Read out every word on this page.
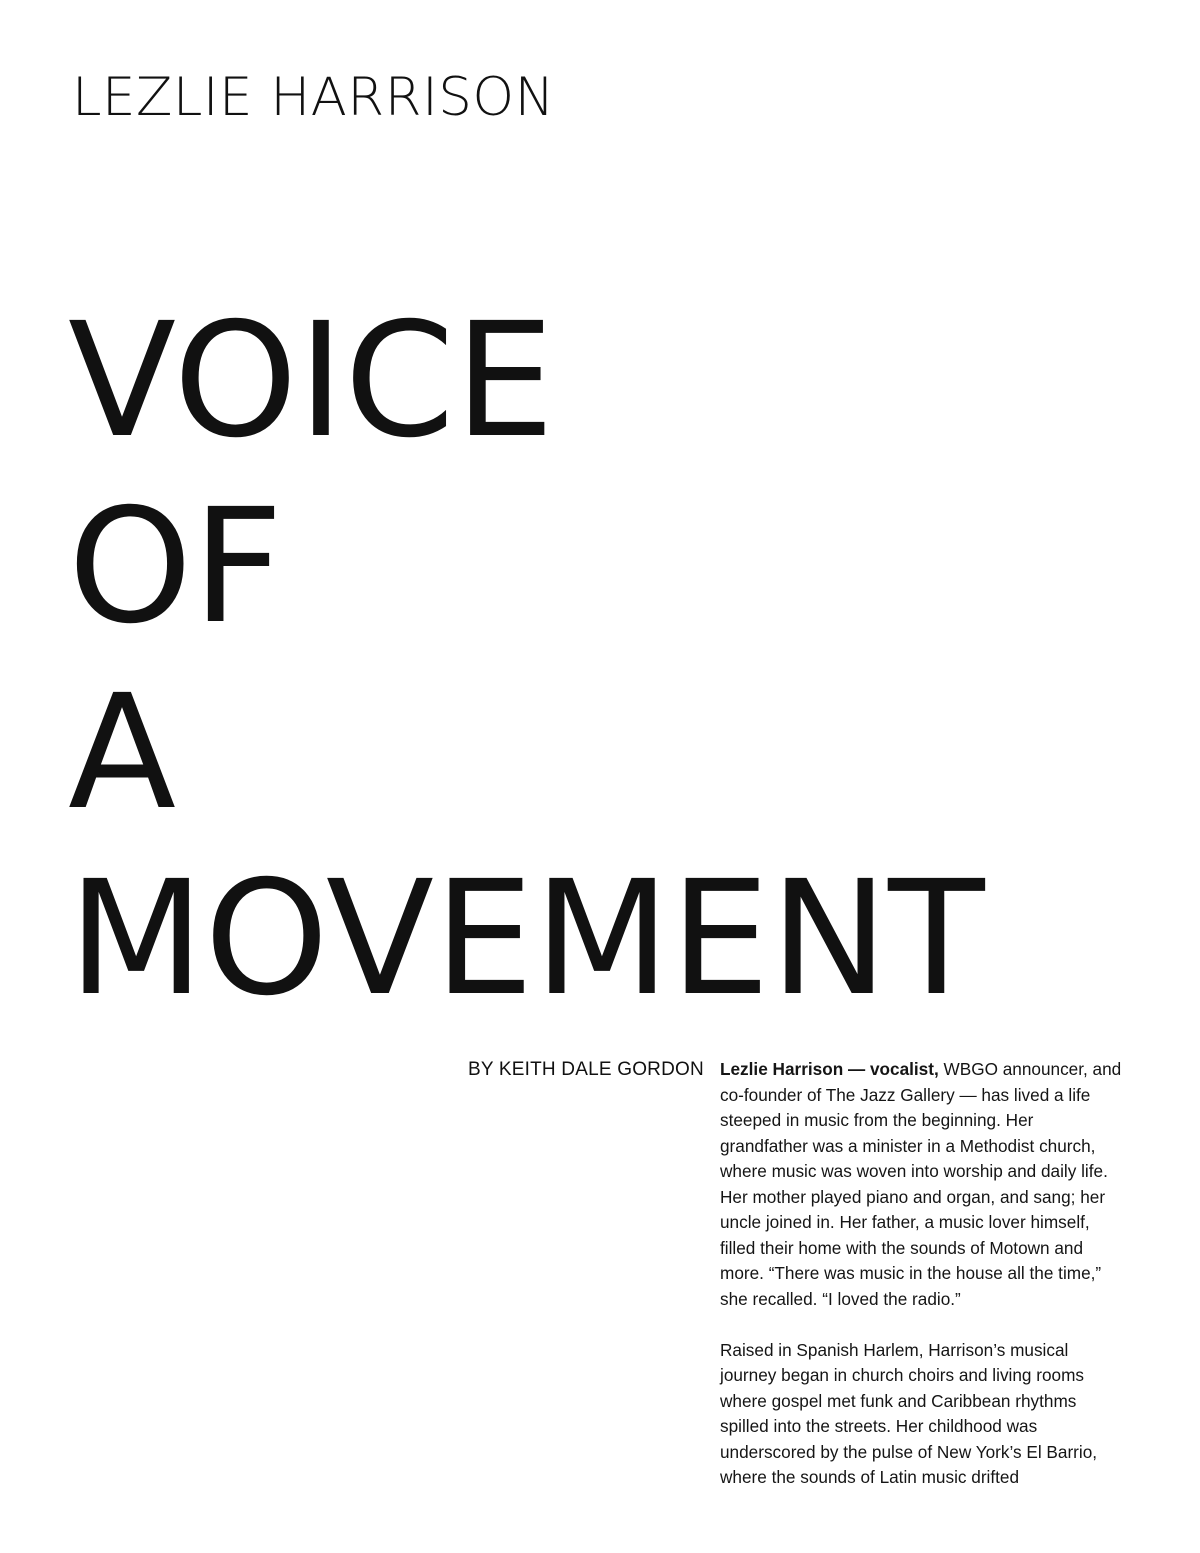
LEZLIE HARRISON
VOICE
OF
A
MOVEMENT
BY KEITH DALE GORDON Lezlie Harrison — vocalist, WBGO announcer, and co-founder of The Jazz Gallery — has lived a life steeped in music from the beginning. Her grandfather was a minister in a Methodist church, where music was woven into worship and daily life. Her mother played piano and organ, and sang; her uncle joined in. Her father, a music lover himself, filled their home with the sounds of Motown and more. “There was music in the house all the time,” she recalled. “I loved the radio.”

Raised in Spanish Harlem, Harrison’s musical journey began in church choirs and living rooms where gospel met funk and Caribbean rhythms spilled into the streets. Her childhood was underscored by the pulse of New York’s El Barrio, where the sounds of Latin music drifted
